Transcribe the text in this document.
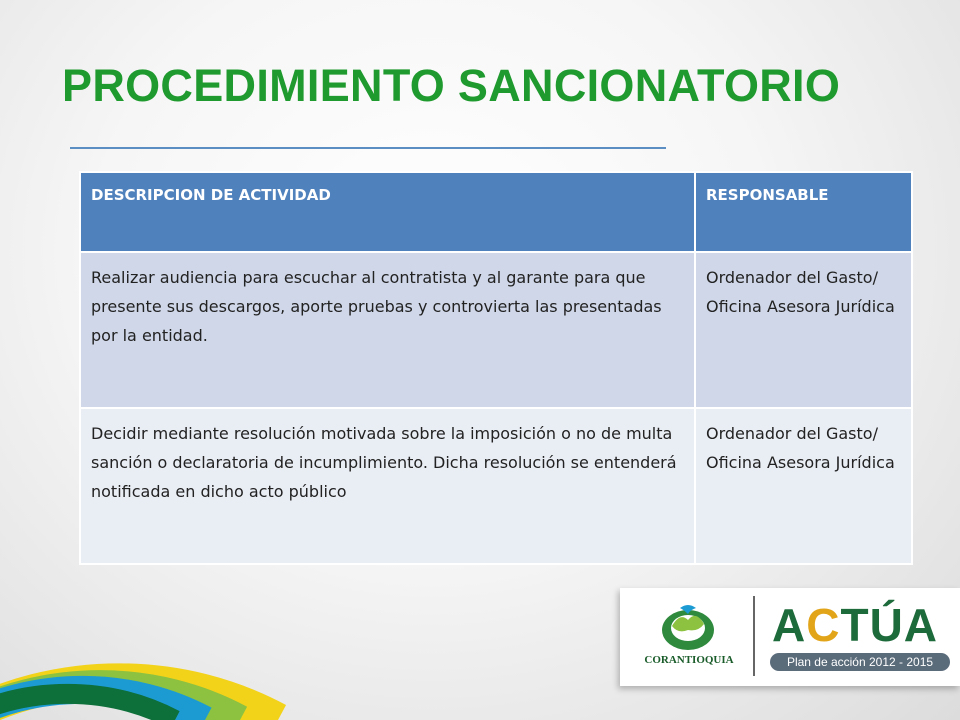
PROCEDIMIENTO SANCIONATORIO
DESCRIPCION DE ACTIVIDAD	RESPONSABLE
Realizar audiencia para escuchar al contratista y al garante para que presente sus descargos, aporte pruebas y controvierta las presentadas por la entidad.	Ordenador del Gasto/ Oficina Asesora Jurídica
Decidir mediante resolución motivada sobre la imposición o no de multa sanción o declaratoria de incumplimiento. Dicha resolución se entenderá notificada en dicho acto público	Ordenador del Gasto/ Oficina Asesora Jurídica
CORANTIOQUIA
ACTÚA
Plan de acción 2012 - 2015
